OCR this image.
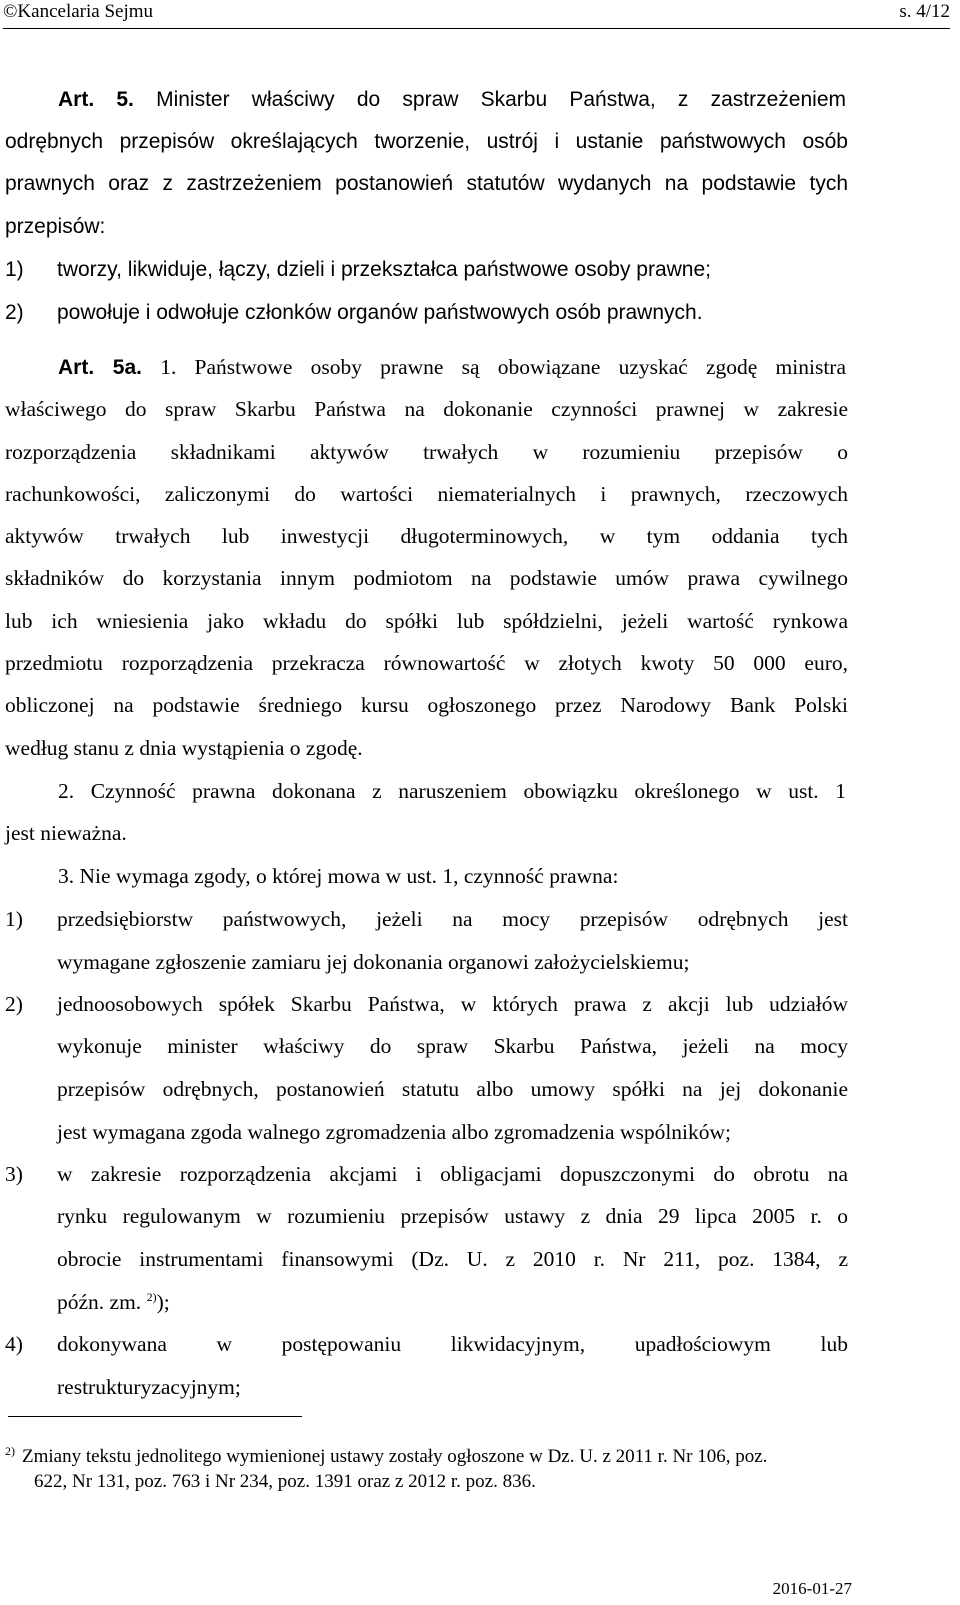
©Kancelaria Sejmu	s. 4/12
Art. 5. Minister właściwy do spraw Skarbu Państwa, z zastrzeżeniem
odrębnych przepisów określających tworzenie, ustrój i ustanie państwowych osób
prawnych oraz z zastrzeżeniem postanowień statutów wydanych na podstawie tych
przepisów:
1) tworzy, likwiduje, łączy, dzieli i przekształca państwowe osoby prawne;
2) powołuje i odwołuje członków organów państwowych osób prawnych.
Art. 5a. 1. Państwowe osoby prawne są obowiązane uzyskać zgodę ministra
właściwego do spraw Skarbu Państwa na dokonanie czynności prawnej w zakresie
rozporządzenia składnikami aktywów trwałych w rozumieniu przepisów o
rachunkowości, zaliczonymi do wartości niematerialnych i prawnych, rzeczowych
aktywów trwałych lub inwestycji długoterminowych, w tym oddania tych
składników do korzystania innym podmiotom na podstawie umów prawa cywilnego
lub ich wniesienia jako wkładu do spółki lub spółdzielni, jeżeli wartość rynkowa
przedmiotu rozporządzenia przekracza równowartość w złotych kwoty 50 000 euro,
obliczonej na podstawie średniego kursu ogłoszonego przez Narodowy Bank Polski
według stanu z dnia wystąpienia o zgodę.
2. Czynność prawna dokonana z naruszeniem obowiązku określonego w ust. 1
jest nieważna.
3. Nie wymaga zgody, o której mowa w ust. 1, czynność prawna:
1) przedsiębiorstw państwowych, jeżeli na mocy przepisów odrębnych jest
wymagane zgłoszenie zamiaru jej dokonania organowi założycielskiemu;
2) jednoosobowych spółek Skarbu Państwa, w których prawa z akcji lub udziałów
wykonuje minister właściwy do spraw Skarbu Państwa, jeżeli na mocy
przepisów odrębnych, postanowień statutu albo umowy spółki na jej dokonanie
jest wymagana zgoda walnego zgromadzenia albo zgromadzenia wspólników;
3) w zakresie rozporządzenia akcjami i obligacjami dopuszczonymi do obrotu na
rynku regulowanym w rozumieniu przepisów ustawy z dnia 29 lipca 2005 r. o
obrocie instrumentami finansowymi (Dz. U. z 2010 r. Nr 211, poz. 1384, z
późn. zm. $^{2)}$);
4) dokonywana w postępowaniu likwidacyjnym, upadłościowym lub
restrukturyzacyjnym;
2) Zmiany tekstu jednolitego wymienionej ustawy zostały ogłoszone w Dz. U. z 2011 r. Nr 106, poz.
622, Nr 131, poz. 763 i Nr 234, poz. 1391 oraz z 2012 r. poz. 836.
2016-01-27
